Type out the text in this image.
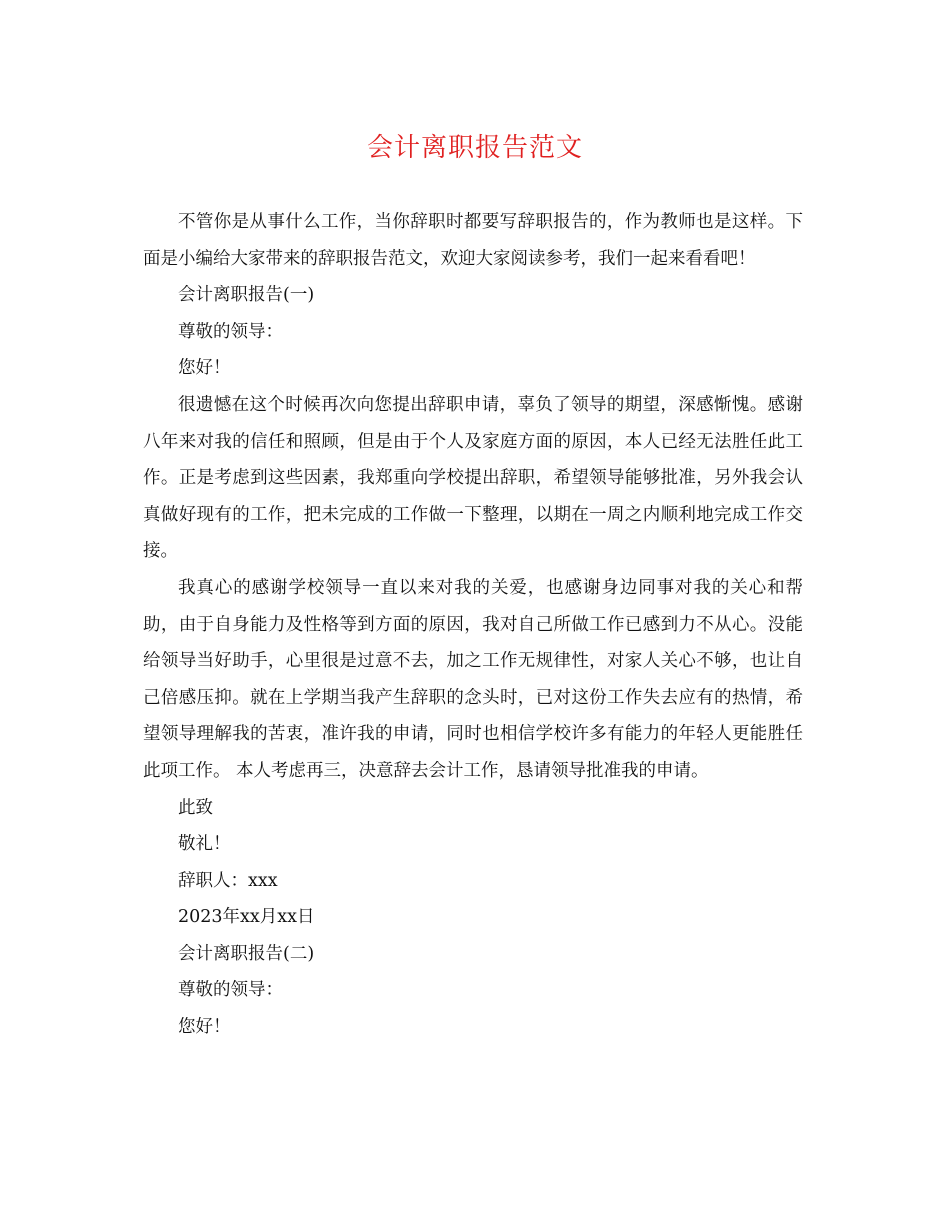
会计离职报告范文

不管你是从事什么工作，当你辞职时都要写辞职报告的，作为教师也是这样。下面是小编给大家带来的辞职报告范文，欢迎大家阅读参考，我们一起来看看吧！

会计离职报告(一)

尊敬的领导：

您好！

很遗憾在这个时候再次向您提出辞职申请，辜负了领导的期望，深感惭愧。感谢八年来对我的信任和照顾，但是由于个人及家庭方面的原因，本人已经无法胜任此工作。正是考虑到这些因素，我郑重向学校提出辞职，希望领导能够批准，另外我会认真做好现有的工作，把未完成的工作做一下整理，以期在一周之内顺利地完成工作交接。

我真心的感谢学校领导一直以来对我的关爱，也感谢身边同事对我的关心和帮助，由于自身能力及性格等到方面的原因，我对自己所做工作已感到力不从心。没能给领导当好助手，心里很是过意不去，加之工作无规律性，对家人关心不够，也让自己倍感压抑。就在上学期当我产生辞职的念头时，已对这份工作失去应有的热情，希望领导理解我的苦衷，准许我的申请，同时也相信学校许多有能力的年轻人更能胜任此项工作。 本人考虑再三，决意辞去会计工作，恳请领导批准我的申请。

此致

敬礼！

辞职人：xxx

2023年xx月xx日

会计离职报告(二)

尊敬的领导：

您好！
